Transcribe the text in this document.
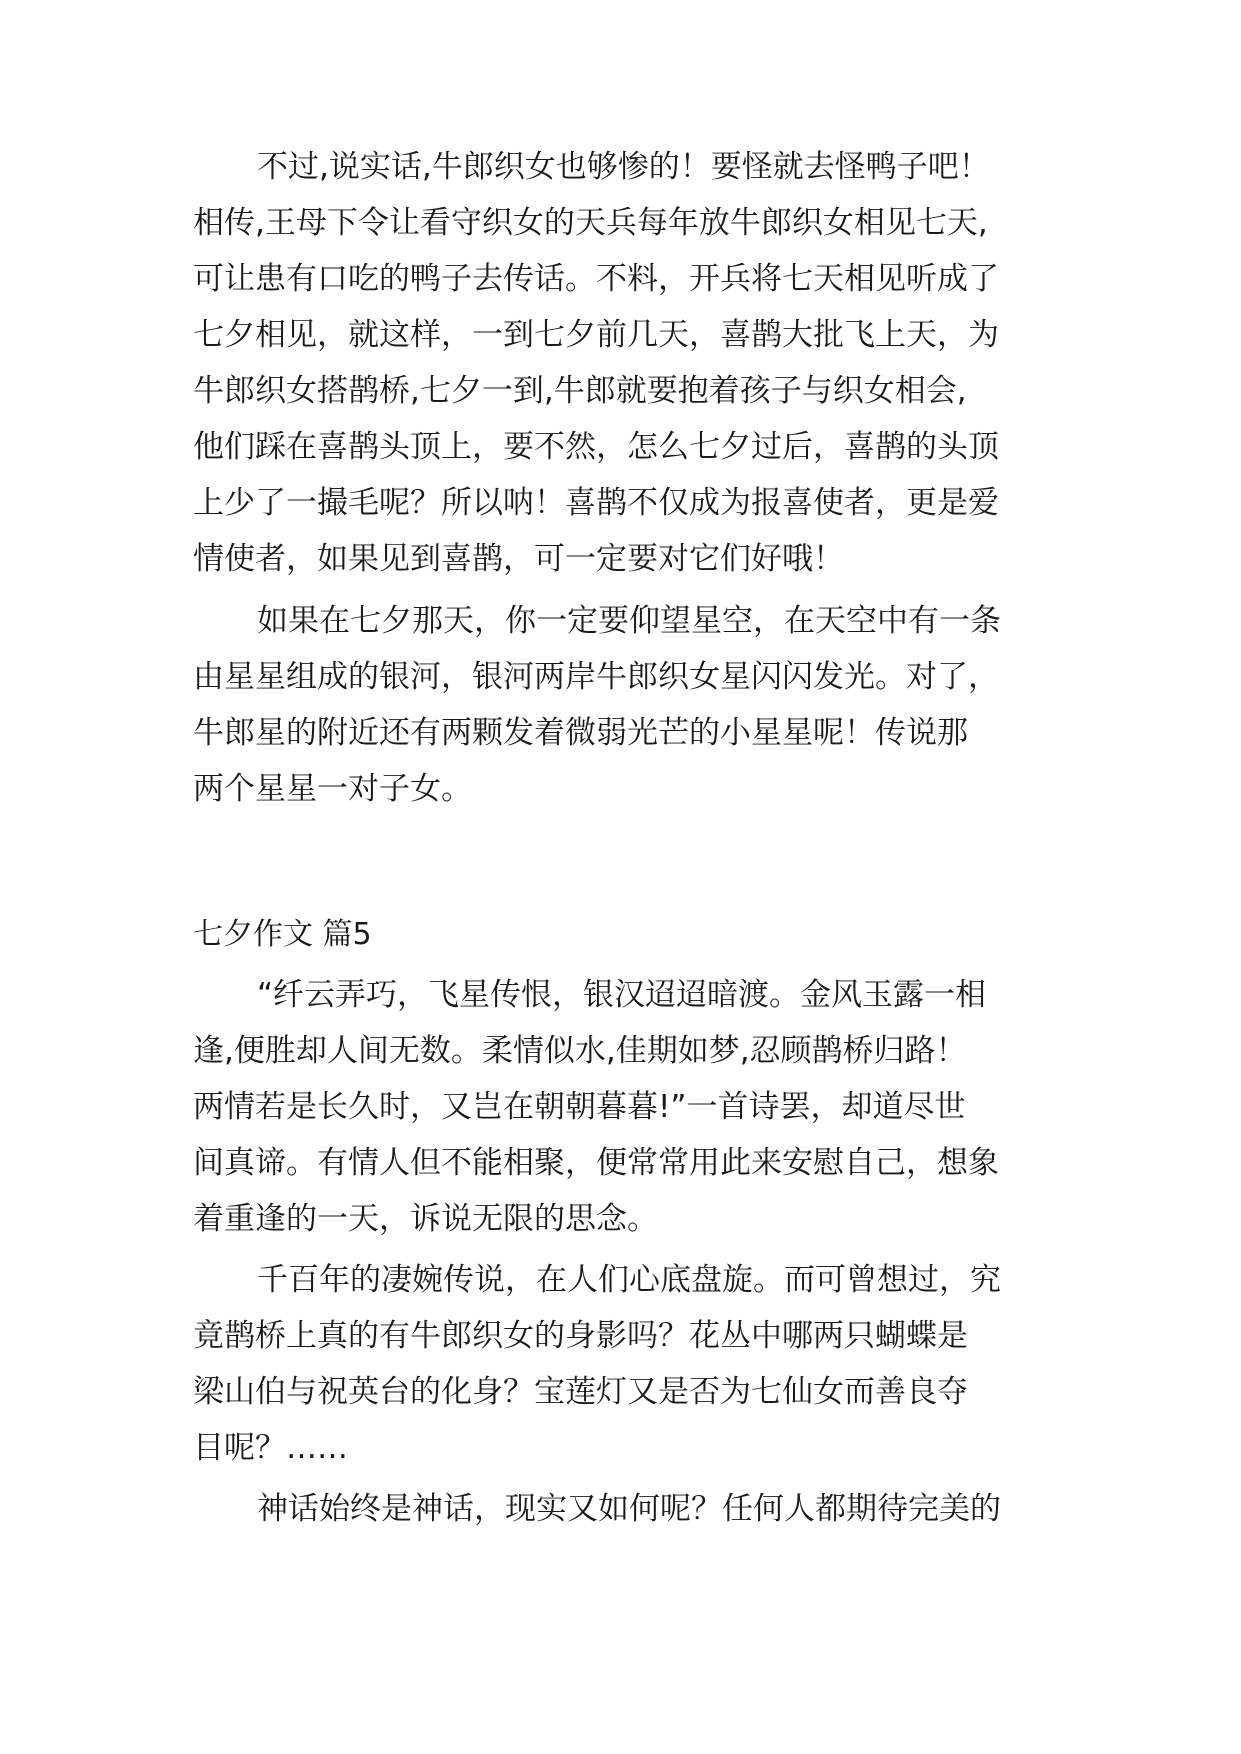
不过,说实话,牛郎织女也够惨的！要怪就去怪鸭子吧！

相传,王母下令让看守织女的天兵每年放牛郎织女相见七天,

可让患有口吃的鸭子去传话。不料，开兵将七天相见听成了

七夕相见，就这样，一到七夕前几天，喜鹊大批飞上天，为

牛郎织女搭鹊桥,七夕一到,牛郎就要抱着孩子与织女相会,

他们踩在喜鹊头顶上，要不然，怎么七夕过后，喜鹊的头顶

上少了一撮毛呢？所以呐！喜鹊不仅成为报喜使者，更是爱

情使者，如果见到喜鹊，可一定要对它们好哦！

如果在七夕那天，你一定要仰望星空，在天空中有一条

由星星组成的银河，银河两岸牛郎织女星闪闪发光。对了，

牛郎星的附近还有两颗发着微弱光芒的小星星呢！传说那

两个星星一对子女。

七夕作文 篇5

“纤云弄巧，飞星传恨，银汉迢迢暗渡。金风玉露一相

逢,便胜却人间无数。柔情似水,佳期如梦,忍顾鹊桥归路！

两情若是长久时，又岂在朝朝暮暮!”一首诗罢，却道尽世

间真谛。有情人但不能相聚，便常常用此来安慰自己，想象

着重逢的一天，诉说无限的思念。

千百年的凄婉传说，在人们心底盘旋。而可曾想过，究

竟鹊桥上真的有牛郎织女的身影吗？花丛中哪两只蝴蝶是

梁山伯与祝英台的化身？宝莲灯又是否为七仙女而善良夺

目呢？……

神话始终是神话，现实又如何呢？任何人都期待完美的
